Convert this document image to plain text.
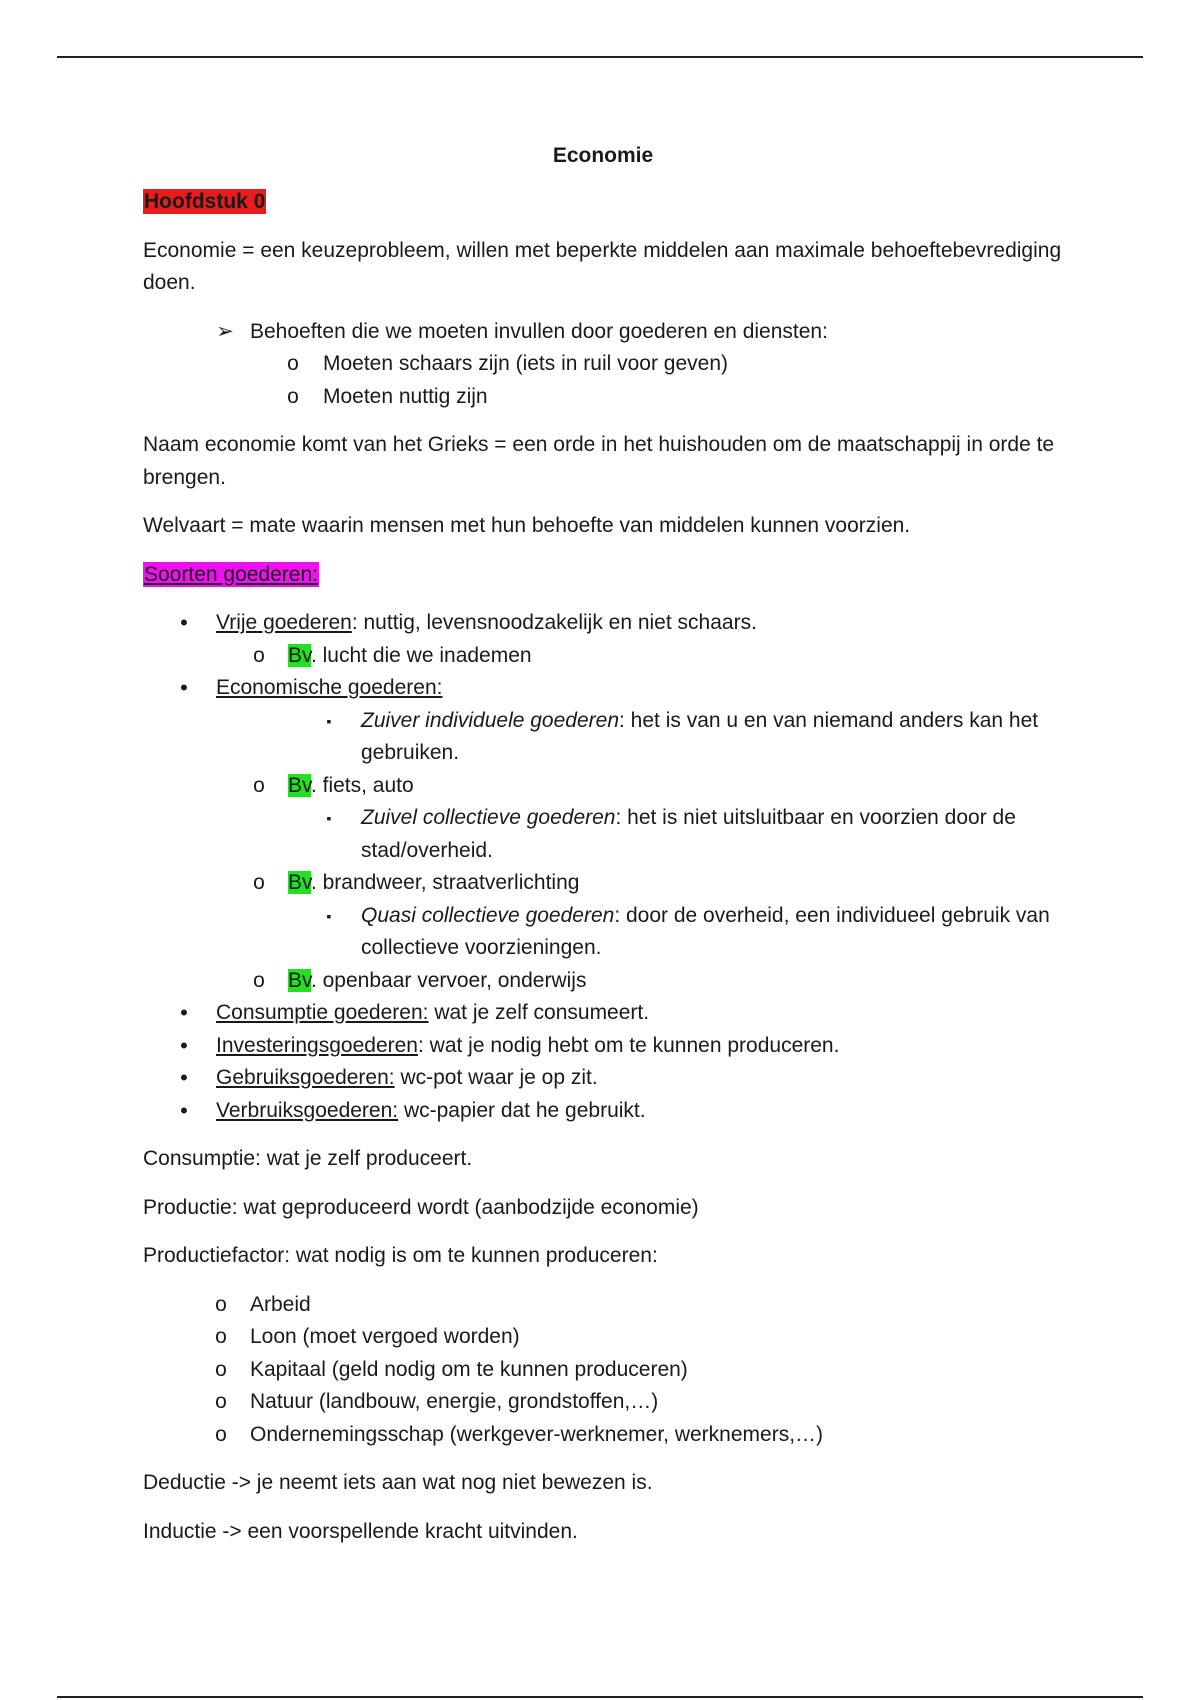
Economie

Hoofdstuk 0

Economie = een keuzeprobleem, willen met beperkte middelen aan maximale behoeftebevrediging doen.

➢ Behoeften die we moeten invullen door goederen en diensten:
o Moeten schaars zijn (iets in ruil voor geven)
o Moeten nuttig zijn

Naam economie komt van het Grieks = een orde in het huishouden om de maatschappij in orde te brengen.

Welvaart = mate waarin mensen met hun behoefte van middelen kunnen voorzien.

Soorten goederen:

• Vrije goederen: nuttig, levensnoodzakelijk en niet schaars.
o Bv. lucht die we inademen
• Economische goederen:
▪ Zuiver individuele goederen: het is van u en van niemand anders kan het gebruiken.
o Bv. fiets, auto
▪ Zuivel collectieve goederen: het is niet uitsluitbaar en voorzien door de stad/overheid.
o Bv. brandweer, straatverlichting
▪ Quasi collectieve goederen: door de overheid, een individueel gebruik van collectieve voorzieningen.
o Bv. openbaar vervoer, onderwijs
• Consumptie goederen: wat je zelf consumeert.
• Investeringsgoederen: wat je nodig hebt om te kunnen produceren.
• Gebruiksgoederen: wc-pot waar je op zit.
• Verbruiksgoederen: wc-papier dat he gebruikt.

Consumptie: wat je zelf produceert.

Productie: wat geproduceerd wordt (aanbodzijde economie)

Productiefactor: wat nodig is om te kunnen produceren:

o Arbeid
o Loon (moet vergoed worden)
o Kapitaal (geld nodig om te kunnen produceren)
o Natuur (landbouw, energie, grondstoffen,…)
o Ondernemingsschap (werkgever-werknemer, werknemers,…)

Deductie -> je neemt iets aan wat nog niet bewezen is.

Inductie -> een voorspellende kracht uitvinden.
